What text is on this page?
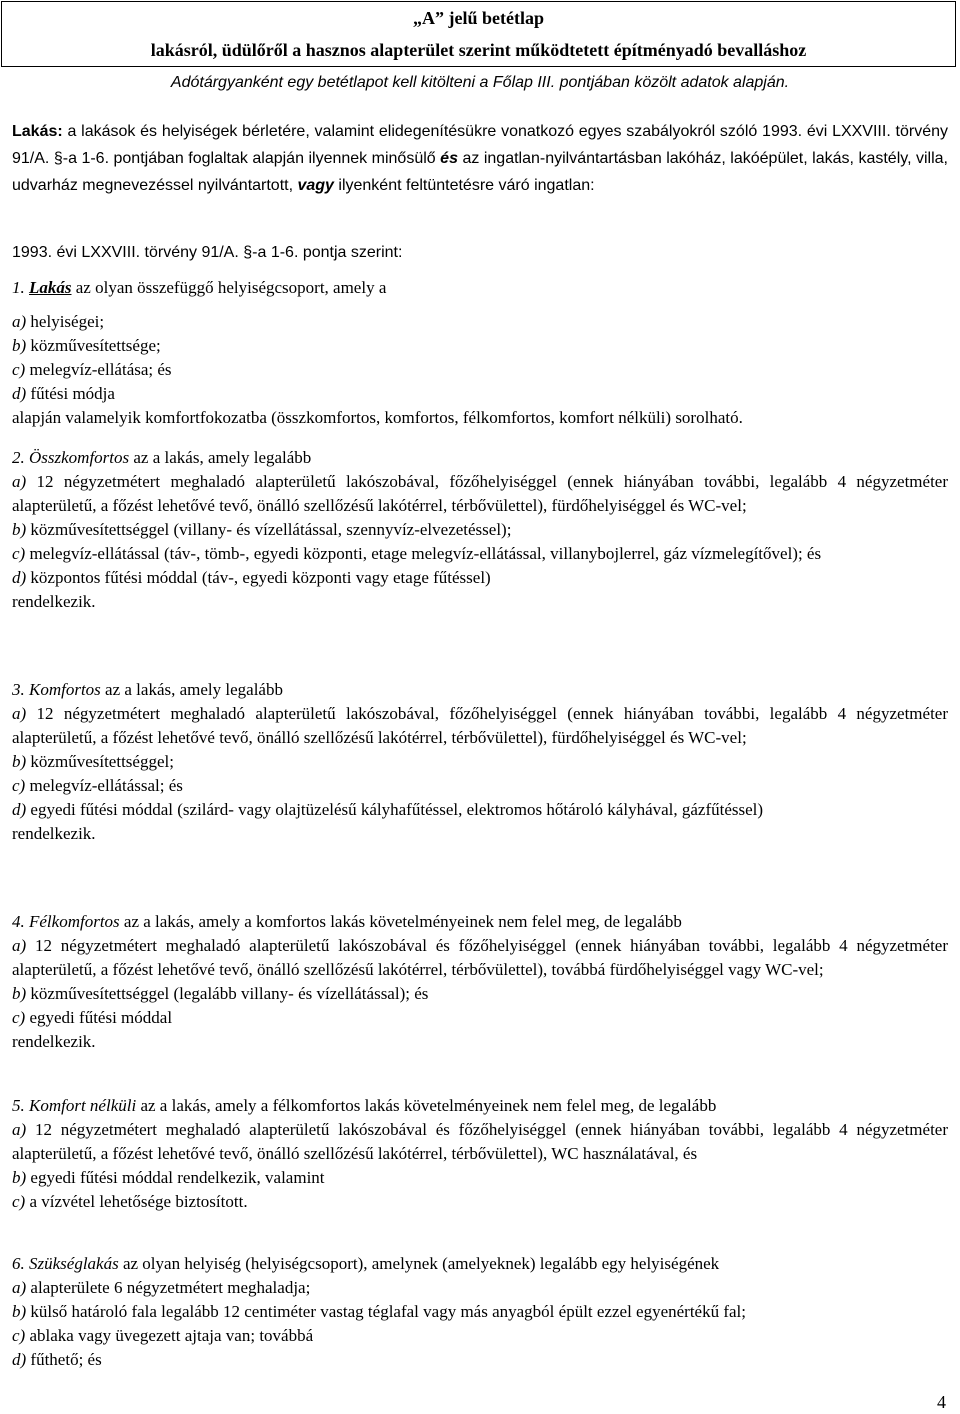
„A” jelű betétlap
lakásról, üdülőről a hasznos alapterület szerint működtetett építményadó bevalláshoz
Adótárgyanként egy betétlapot kell kitölteni a Főlap III. pontjában közölt adatok alapján.
Lakás: a lakások és helyiségek bérletére, valamint elidegenítésükre vonatkozó egyes szabályokról szóló 1993. évi LXXVIII. törvény 91/A. §-a 1-6. pontjában foglaltak alapján ilyennek minősülő és az ingatlan-nyilvántartásban lakóház, lakóépület, lakás, kastély, villa, udvarház megnevezéssel nyilvántartott, vagy ilyenként feltüntetésre váró ingatlan:
1993. évi LXXVIII. törvény 91/A. §-a 1-6. pontja szerint:

1. Lakás az olyan összefüggő helyiségcsoport, amely a

a) helyiségei;

b) közművesítettsége;

c) melegvíz-ellátása; és

d) fűtési módja

alapján valamelyik komfortfokozatba (összkomfortos, komfortos, félkomfortos, komfort nélküli) sorolható.

2. Összkomfortos az a lakás, amely legalább

a) 12 négyzetmétert meghaladó alapterületű lakószobával, főzőhelyiséggel (ennek hiányában további, legalább 4 négyzetméter alapterületű, a főzést lehetővé tevő, önálló szellőzésű lakótérrel, térbővülettel), fürdőhelyiséggel és WC-vel;

b) közművesítettséggel (villany- és vízellátással, szennyvíz-elvezetéssel);

c) melegvíz-ellátással (táv-, tömb-, egyedi központi, etage melegvíz-ellátással, villanybojlerrel, gáz vízmelegítővel); és

d) központos fűtési móddal (táv-, egyedi központi vagy etage fűtéssel)

rendelkezik.

3. Komfortos az a lakás, amely legalább

a) 12 négyzetmétert meghaladó alapterületű lakószobával, főzőhelyiséggel (ennek hiányában további, legalább 4 négyzetméter alapterületű, a főzést lehetővé tevő, önálló szellőzésű lakótérrel, térbővülettel), fürdőhelyiséggel és WC-vel;

b) közművesítettséggel;

c) melegvíz-ellátással; és

d) egyedi fűtési móddal (szilárd- vagy olajtüzelésű kályhafűtéssel, elektromos hőtároló kályhával, gázfűtéssel)

rendelkezik.

4. Félkomfortos az a lakás, amely a komfortos lakás követelményeinek nem felel meg, de legalább

a) 12 négyzetmétert meghaladó alapterületű lakószobával és főzőhelyiséggel (ennek hiányában további, legalább 4 négyzetméter alapterületű, a főzést lehetővé tevő, önálló szellőzésű lakótérrel, térbővülettel), továbbá fürdőhelyiséggel vagy WC-vel;

b) közművesítettséggel (legalább villany- és vízellátással); és

c) egyedi fűtési móddal

rendelkezik.

5. Komfort nélküli az a lakás, amely a félkomfortos lakás követelményeinek nem felel meg, de legalább

a) 12 négyzetmétert meghaladó alapterületű lakószobával és főzőhelyiséggel (ennek hiányában további, legalább 4 négyzetméter alapterületű, a főzést lehetővé tevő, önálló szellőzésű lakótérrel, térbővülettel), WC használatával, és

b) egyedi fűtési móddal rendelkezik, valamint

c) a vízvétel lehetősége biztosított.

6. Szükséglakás az olyan helyiség (helyiségcsoport), amelynek (amelyeknek) legalább egy helyiségének

a) alapterülete 6 négyzetmétert meghaladja;

b) külső határoló fala legalább 12 centiméter vastag téglafal vagy más anyagból épült ezzel egyenértékű fal;

c) ablaka vagy üvegezett ajtaja van; továbbá

d) fűthető; és

4
